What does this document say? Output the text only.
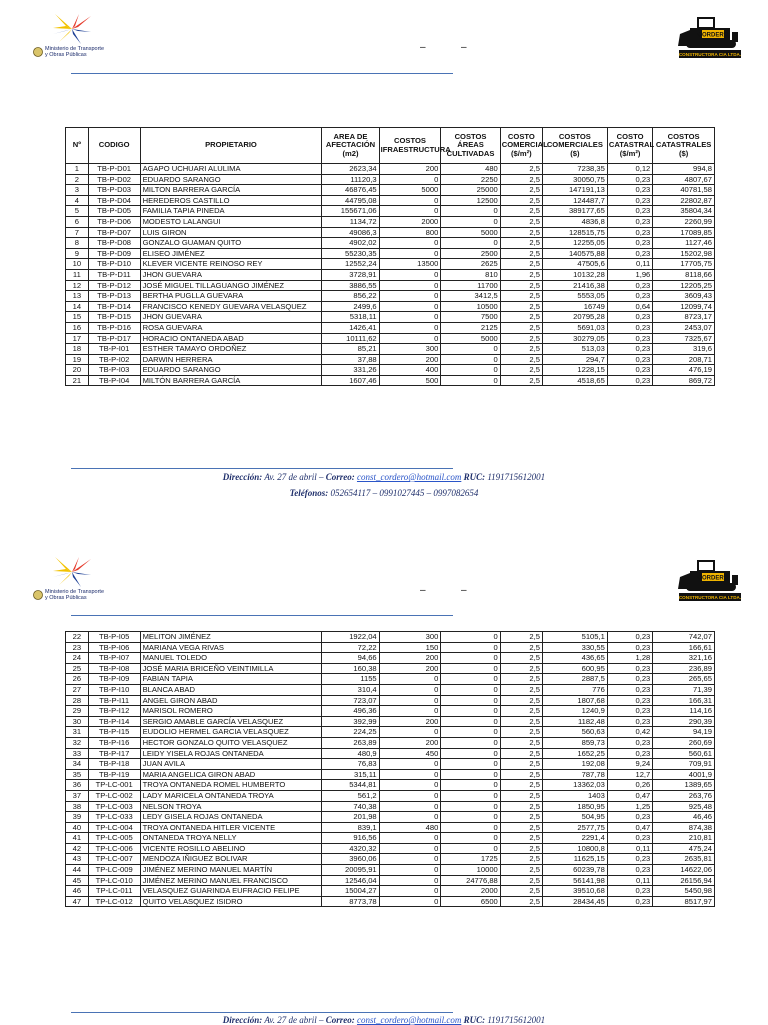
Ministerio de Transporte
y Obras Públicas
–	–
CORDERO
CONSTRUCTORA CIA LTDA.
Nº	CODIGO	PROPIETARIO	AREA DE AFECTACIÓN (m2)	COSTOS IFRAESTRUCTURA	COSTOS ÁREAS CULTIVADAS	COSTO COMERCIAL ($/m²)	COSTOS COMERCIALES ($)	COSTO CATASTRAL ($/m²)	COSTOS CATASTRALES ($)
1	TB-P-D01	AGAPO UCHUARI ALULIMA	2623,34	200	480	2,5	7238,35	0,12	994,8
2	TB-P-D02	EDUARDO SARANGO	11120,3	0	2250	2,5	30050,75	0,23	4807,67
3	TB-P-D03	MILTON BARRERA GARCÍA	46876,45	5000	25000	2,5	147191,13	0,23	40781,58
4	TB-P-D04	HEREDEROS CASTILLO	44795,08	0	12500	2,5	124487,7	0,23	22802,87
5	TB-P-D05	FAMILIA TAPIA PINEDA	155671,06	0	0	2,5	389177,65	0,23	35804,34
6	TB-P-D06	MODESTO LALANGUI	1134,72	2000	0	2,5	4836,8	0,23	2260,99
7	TB-P-D07	LUIS GIRON	49086,3	800	5000	2,5	128515,75	0,23	17089,85
8	TB-P-D08	GONZALO GUAMAN QUITO	4902,02	0	0	2,5	12255,05	0,23	1127,46
9	TB-P-D09	ELISEO JIMÉNEZ	55230,35	0	2500	2,5	140575,88	0,23	15202,98
10	TB-P-D10	KLEVER VICENTE REINOSO REY	12552,24	13500	2625	2,5	47505,6	0,11	17705,75
11	TB-P-D11	JHON GUEVARA	3728,91	0	810	2,5	10132,28	1,96	8118,66
12	TB-P-D12	JOSÉ MIGUEL TILLAGUANGO JIMÉNEZ	3886,55	0	11700	2,5	21416,38	0,23	12205,25
13	TB-P-D13	BERTHA PUGLLA GUEVARA	856,22	0	3412,5	2,5	5553,05	0,23	3609,43
14	TB-P-D14	FRANCISCO KENEDY GUEVARA VELASQUEZ	2499,6	0	10500	2,5	16749	0,64	12099,74
15	TB-P-D15	JHON GUEVARA	5318,11	0	7500	2,5	20795,28	0,23	8723,17
16	TB-P-D16	ROSA GUEVARA	1426,41	0	2125	2,5	5691,03	0,23	2453,07
17	TB-P-D17	HORACIO ONTANEDA ABAD	10111,62	0	5000	2,5	30279,05	0,23	7325,67
18	TB-P-I01	ESTHER TAMAYO ORDOÑEZ	85,21	300	0	2,5	513,03	0,23	319,6
19	TB-P-I02	DARWIN HERRERA	37,88	200	0	2,5	294,7	0,23	208,71
20	TB-P-I03	EDUARDO SARANGO	331,26	400	0	2,5	1228,15	0,23	476,19
21	TB-P-I04	MILTÓN BARRERA GARCÍA	1607,46	500	0	2,5	4518,65	0,23	869,72
Dirección: Av. 27 de abril – Correo: const_cordero@hotmail.com RUC: 1191715612001
Teléfonos: 052654117 – 0991027445 – 0997082654
Ministerio de Transporte
y Obras Públicas
–	–
CORDERO
CONSTRUCTORA CIA LTDA.
22	TB-P-I05	MELITON JIMÉNEZ	1922,04	300	0	2,5	5105,1	0,23	742,07
23	TB-P-I06	MARIANA VEGA RIVAS	72,22	150	0	2,5	330,55	0,23	166,61
24	TB-P-I07	MANUEL TOLEDO	94,66	200	0	2,5	436,65	1,28	321,16
25	TB-P-I08	JOSÉ MARIA BRICEÑO VEINTIMILLA	160,38	200	0	2,5	600,95	0,23	236,89
26	TB-P-I09	FABIAN TAPIA	1155	0	0	2,5	2887,5	0,23	265,65
27	TB-P-I10	BLANCA ABAD	310,4	0	0	2,5	776	0,23	71,39
28	TB-P-I11	ANGEL GIRON ABAD	723,07	0	0	2,5	1807,68	0,23	166,31
29	TB-P-I12	MARISOL ROMERO	496,36	0	0	2,5	1240,9	0,23	114,16
30	TB-P-I14	SERGIO AMABLE GARCÍA VELASQUEZ	392,99	200	0	2,5	1182,48	0,23	290,39
31	TB-P-I15	EUDOLIO HERMEL GARCIA VELASQUEZ	224,25	0	0	2,5	560,63	0,42	94,19
32	TB-P-I16	HECTOR GONZALO QUITO VELASQUEZ	263,89	200	0	2,5	859,73	0,23	260,69
33	TB-P-I17	LEIDY YISELA ROJAS ONTANEDA	480,9	450	0	2,5	1652,25	0,23	560,61
34	TB-P-I18	JUAN AVILA	76,83	0	0	2,5	192,08	9,24	709,91
35	TB-P-I19	MARIA ANGELICA GIRON ABAD	315,11	0	0	2,5	787,78	12,7	4001,9
36	TP-LC-001	TROYA ONTANEDA ROMEL HUMBERTO	5344,81	0	0	2,5	13362,03	0,26	1389,65
37	TP-LC-002	LADY MARICELA ONTANEDA TROYA	561,2	0	0	2,5	1403	0,47	263,76
38	TP-LC-003	NELSON TROYA	740,38	0	0	2,5	1850,95	1,25	925,48
39	TP-LC-033	LEDY GISELA ROJAS ONTANEDA	201,98	0	0	2,5	504,95	0,23	46,46
40	TP-LC-004	TROYA ONTANEDA HITLER VICENTE	839,1	480	0	2,5	2577,75	0,47	874,38
41	TP-LC-005	ONTANEDA TROYA NELLY	916,56	0	0	2,5	2291,4	0,23	210,81
42	TP-LC-006	VICENTE ROSILLO ABELINO	4320,32	0	0	2,5	10800,8	0,11	475,24
43	TP-LC-007	MENDOZA IÑIGUEZ BOLIVAR	3960,06	0	1725	2,5	11625,15	0,23	2635,81
44	TP-LC-009	JIMÉNEZ MERINO MANUEL MARTÍN	20095,91	0	10000	2,5	60239,78	0,23	14622,06
45	TP-LC-010	JIMÉNEZ MERINO MANUEL FRANCISCO	12546,04	0	24776,88	2,5	56141,98	0,11	26156,94
46	TP-LC-011	VELASQUEZ GUARINDA EUFRACIO FELIPE	15004,27	0	2000	2,5	39510,68	0,23	5450,98
47	TP-LC-012	QUITO VELASQUEZ ISIDRO	8773,78	0	6500	2,5	28434,45	0,23	8517,97
Dirección: Av. 27 de abril – Correo: const_cordero@hotmail.com RUC: 1191715612001
